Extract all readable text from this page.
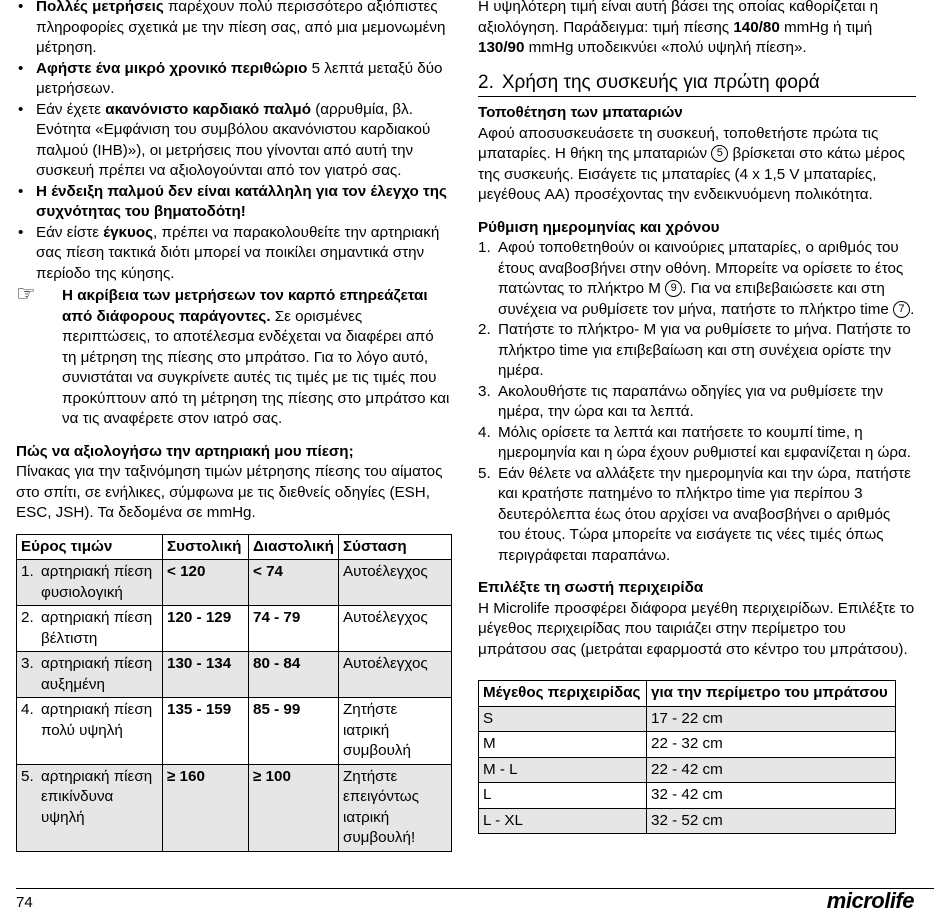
• Πολλές μετρήσεις παρέχουν πολύ περισσότερο αξιόπιστες πληροφορίες σχετικά με την πίεση σας, από μια μεμονωμένη μέτρηση.
• Αφήστε ένα μικρό χρονικό περιθώριο 5 λεπτά μεταξύ δύο μετρήσεων.
• Εάν έχετε ακανόνιστο καρδιακό παλμό (αρρυθμία, βλ. Ενότητα «Εμφάνιση του συμβόλου ακανόνιστου καρδιακού παλμού (IHB)»), οι μετρήσεις που γίνονται από αυτή την συσκευή πρέπει να αξιολογούνται από τον γιατρό σας.
• Η ένδειξη παλμού δεν είναι κατάλληλη για τον έλεγχο της συχνότητας του βηματοδότη!
• Εάν είστε έγκυος, πρέπει να παρακολουθείτε την αρτηριακή σας πίεση τακτικά διότι μπορεί να ποικίλει σημαντικά στην περίοδο της κύησης.
☞ Η ακρίβεια των μετρήσεων τον καρπό επηρεάζεται από διάφορους παράγοντες. Σε ορισμένες περιπτώσεις, το αποτέλεσμα ενδέχεται να διαφέρει από τη μέτρηση της πίεσης στο μπράτσο. Για το λόγο αυτό, συνιστάται να συγκρίνετε αυτές τις τιμές με τις τιμές που προκύπτουν από τη μέτρηση της πίεσης στο μπράτσο και να τις αναφέρετε στον ιατρό σας.
Πώς να αξιολογήσω την αρτηριακή μου πίεση;
Πίνακας για την ταξινόμηση τιμών μέτρησης πίεσης του αίματος στο σπίτι, σε ενήλικες, σύμφωνα με τις διεθνείς οδηγίες (ESH, ESC, JSH). Τα δεδομένα σε mmHg.
Εύρος τιμών	Συστολική	Διαστολική	Σύσταση
1. αρτηριακή πίεση φυσιολογική	< 120	< 74	Αυτοέλεγχος
2. αρτηριακή πίεση βέλτιστη	120 - 129	74 - 79	Αυτοέλεγχος
3. αρτηριακή πίεση αυξημένη	130 - 134	80 - 84	Αυτοέλεγχος
4. αρτηριακή πίεση πολύ υψηλή	135 - 159	85 - 99	Ζητήστε ιατρική συμβουλή
5. αρτηριακή πίεση επικίνδυνα υψηλή	≥ 160	≥ 100	Ζητήστε επειγόντως ιατρική συμβουλή!
Η υψηλότερη τιμή είναι αυτή βάσει της οποίας καθορίζεται η αξιολόγηση. Παράδειγμα: τιμή πίεσης 140/80 mmHg ή τιμή 130/90 mmHg υποδεικνύει «πολύ υψηλή πίεση».
2. Χρήση της συσκευής για πρώτη φορά
Τοποθέτηση των μπαταριών
Αφού αποσυσκευάσετε τη συσκευή, τοποθετήστε πρώτα τις μπαταρίες. Η θήκη της μπαταριών 5 βρίσκεται στο κάτω μέρος της συσκευής. Εισάγετε τις μπαταρίες (4 x 1,5 V μπαταρίες, μεγέθους AA) προσέχοντας την ενδεικνυόμενη πολικότητα.
Ρύθμιση ημερομηνίας και χρόνου
1. Αφού τοποθετηθούν οι καινούριες μπαταρίες, ο αριθμός του έτους αναβοσβήνει στην οθόνη. Μπορείτε να ορίσετε το έτος πατώντας το πλήκτρο M 9 . Για να επιβεβαιώσετε και στη συνέχεια να ρυθμίσετε τον μήνα, πατήστε το πλήκτρο time 7 .
2. Πατήστε το πλήκτρο- M για να ρυθμίσετε το μήνα. Πατήστε το πλήκτρο time για επιβεβαίωση και στη συνέχεια ορίστε την ημέρα.
3. Ακολουθήστε τις παραπάνω οδηγίες για να ρυθμίσετε την ημέρα, την ώρα και τα λεπτά.
4. Μόλις ορίσετε τα λεπτά και πατήσετε το κουμπί time, η ημερομηνία και η ώρα έχουν ρυθμιστεί και εμφανίζεται η ώρα.
5. Εάν θέλετε να αλλάξετε την ημερομηνία και την ώρα, πατήστε και κρατήστε πατημένο το πλήκτρο time για περίπου 3 δευτερόλεπτα έως ότου αρχίσει να αναβοσβήνει ο αριθμός του έτους. Τώρα μπορείτε να εισάγετε τις νέες τιμές όπως περιγράφεται παραπάνω.
Επιλέξτε τη σωστή περιχειρίδα
Η Microlife προσφέρει διάφορα μεγέθη περιχειρίδων. Επιλέξτε το μέγεθος περιχειρίδας που ταιριάζει στην περίμετρο του μπράτσου σας (μετράται εφαρμοστά στο κέντρο του μπράτσου).
Μέγεθος περιχειρίδας	για την περίμετρο του μπράτσου
S	17 - 22 cm
M	22 - 32 cm
M - L	22 - 42 cm
L	32 - 42 cm
L - XL	32 - 52 cm
74	microlife
